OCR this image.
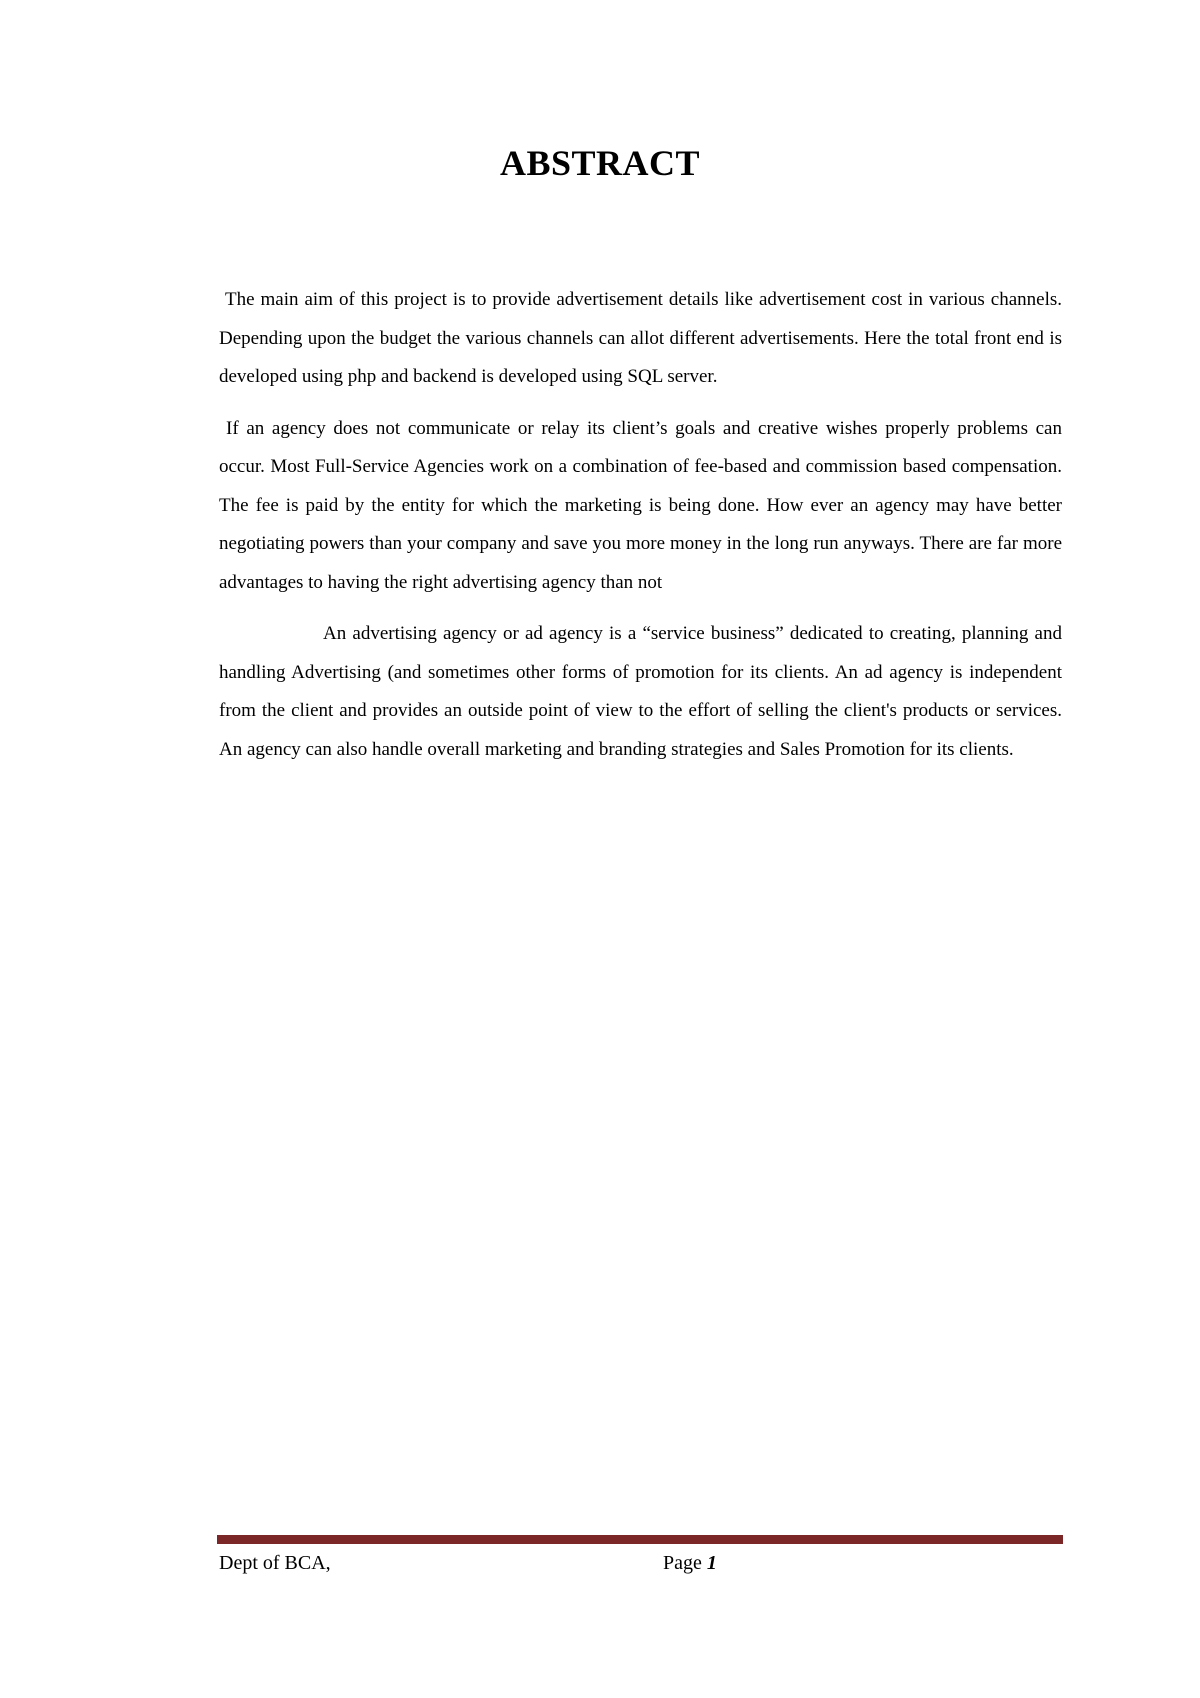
ABSTRACT

The main aim of this project is to provide advertisement details like advertisement cost in various channels. Depending upon the budget the various channels can allot different advertisements. Here the total front end is developed using php and backend is developed using SQL server.

If an agency does not communicate or relay its client’s goals and creative wishes properly problems can occur. Most Full-Service Agencies work on a combination of fee-based and commission based compensation. The fee is paid by the entity for which the marketing is being done. How ever an agency may have better negotiating powers than your company and save you more money in the long run anyways. There are far more advantages to having the right advertising agency than not

An advertising agency or ad agency is a “service business” dedicated to creating, planning and handling Advertising (and sometimes other forms of promotion for its clients. An ad agency is independent from the client and provides an outside point of view to the effort of selling the client's products or services. An agency can also handle overall marketing and branding strategies and Sales Promotion for its clients.

Dept of BCA,	Page 1
